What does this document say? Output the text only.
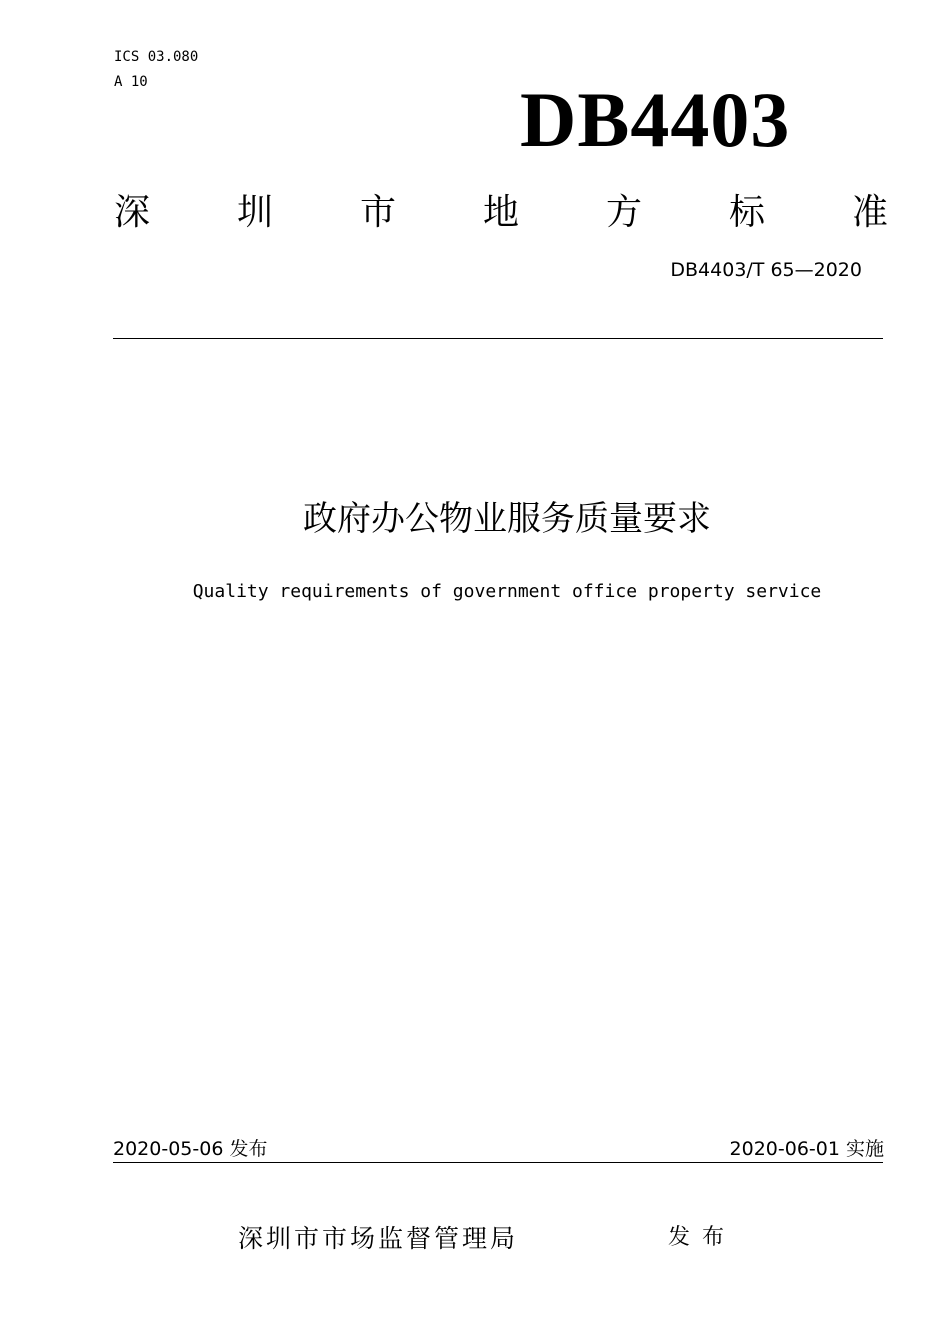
ICS 03.080
A 10	DB4403
深 圳 市 地 方 标 准
DB4403/T 65—2020
政府办公物业服务质量要求
Quality requirements of government office property service
2020-05-06 发布	2020-06-01 实施
深圳市市场监督管理局	发布
